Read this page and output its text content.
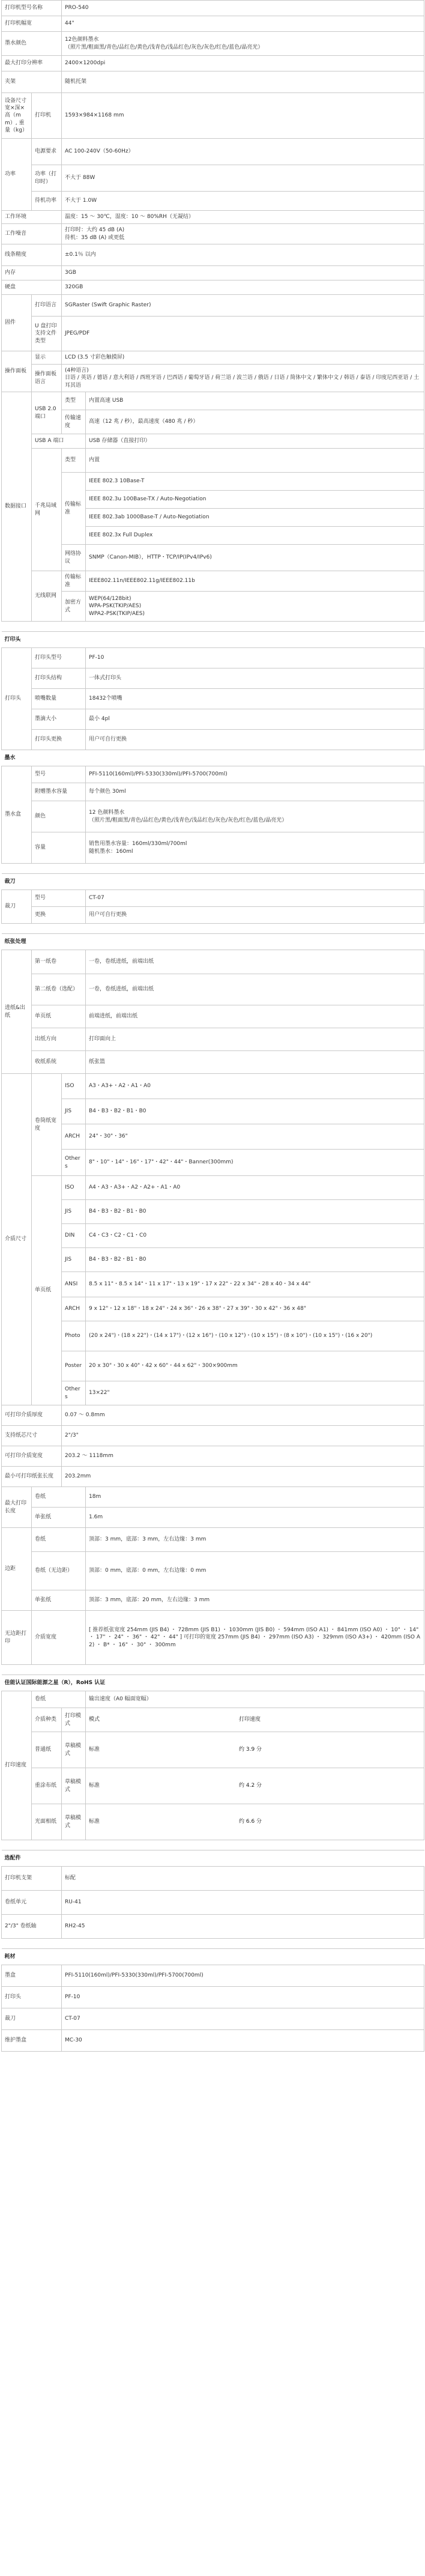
打印机型号名称		PRO-540	
打印机幅宽		44"	
墨水颜色		12色颜料墨水
（照片黑/粗面黑/青色/品红色/黄色/浅青色/浅品红色/灰色/灰色/红色/蓝色/晶亮光）	
最大打印分辨率		2400×1200dpi	
夹架		随机托架	
设备尺寸 宽×深×高（mm）, 重量（kg）	打印机	1593×984×1168 mm	
功率	电源要求	AC 100-240V（50-60Hz）	
	功率（打印时）	不大于 88W	
	待机功率	不大于 1.0W	
工作环境		温度：15 ～ 30℃，湿度：10 ～ 80%RH（无凝结）	
工作噪音		打印时：大约 45 dB (A)
待机：35 dB (A) 或更低	
线条精度		±0.1％ 以内	
内存		3GB	
硬盘		320GB	
固件	打印语言	SGRaster (Swift Graphic Raster)	
	U 盘打印支持文件类型	JPEG/PDF	
操作面板	显示	LCD (3.5 寸彩色触摸屏)	
	操作面板语言	(4种语言)
日语 / 英语 / 德语 / 意大利语 / 西班牙语 / 巴西语 / 葡萄牙语 / 荷兰语 / 波兰语 / 俄语 / 日语 / 简体中文 / 繁体中文 / 韩语 / 泰语 / 印度尼西亚语 / 土耳其语	
数据接口	USB 2.0 端口	类型	内置高速 USB
		传输速度	高速（12 兆 / 秒），最高速度（480 兆 / 秒）
	USB A 端口		USB 存储器（直接打印）
	千兆局域网	类型	内置
		传输标准	IEEE 802.3 10Base-T
			IEEE 802.3u 100Base-TX / Auto-Negotiation
			IEEE 802.3ab 1000Base-T / Auto-Negotiation
			IEEE 802.3x Full Duplex
		网络协议	SNMP（Canon-MIB），HTTP・TCP/IP(IPv4/IPv6)
	无线联网	传输标准	IEEE802.11n/IEEE802.11g/IEEE802.11b
		加密方式	WEP(64/128bit)
WPA-PSK(TKIP/AES)
WPA2-PSK(TKIP/AES)

打印头			
打印头	打印头型号		PF-10
	打印头结构		一体式打印头
	喷嘴数量		18432个喷嘴
	墨滴大小		最小 4pl
	打印头更换		用户可自行更换
墨水			
墨水盒	型号		PFI-5110(160ml)/PFI-5330(330ml)/PFI-5700(700ml)
	附赠墨水容量		每个颜色 30ml
	颜色		12 色颜料墨水
（照片黑/粗面黑/青色/品红色/黄色/浅青色/浅品红色/灰色/灰色/红色/蓝色/晶亮光）
	容量		销售用墨水容量：160ml/330ml/700ml
随机墨水：160ml

裁刀			
裁刀	型号		CT-07
	更换		用户可自行更换

纸张处理			
进纸&出纸	第一纸卷		一卷，卷纸进纸，前端出纸
	第二纸卷（选配）		一卷，卷纸进纸，前端出纸
	单页纸		前端进纸，前端出纸
	出纸方向		打印面向上
	收纸系统		纸张篮
介质尺寸	卷筒纸宽度	ISO	A3・A3+・A2・A1・A0
		JIS	B4・B3・B2・B1・B0
		ARCH	24"・30"・36"
		Others	8"・10"・14"・16"・17"・42"・44"・Banner(300mm)
	单页纸	ISO	A4・A3・A3+・A2・A2+・A1・A0
		JIS	B4・B3・B2・B1・B0
		DIN	C4・C3・C2・C1・C0
		JIS	B4・B3・B2・B1・B0
		ANSI	8.5 x 11"・8.5 x 14"・11 x 17"・13 x 19"・17 x 22"・22 x 34"・28 x 40・34 x 44"
		ARCH	9 x 12"・12 x 18"・18 x 24"・24 x 36"・26 x 38"・27 x 39"・30 x 42"・36 x 48"
		Photo	(20 x 24")・(18 x 22")・(14 x 17")・(12 x 16")・(10 x 12")・(10 x 15")・(8 x 10")・(10 x 15")・(16 x 20")
		Poster	20 x 30"・30 x 40"・42 x 60"・44 x 62"・300×900mm
		Others	13×22"
可打印介质厚度		0.07 ～ 0.8mm	
支持纸芯尺寸		2"/3"	
可打印介质宽度		203.2 ～ 1118mm	
最小可打印纸张长度		203.2mm	
最大打印长度	卷纸		18m
	单张纸		1.6m
边距	卷纸		顶部：3 mm，底部：3 mm，左右边缘：3 mm
	卷纸（无边距）		顶部：0 mm，底部：0 mm，左右边缘：0 mm
	单张纸		顶部：3 mm，底部：20 mm，左右边缘：3 mm
无边距打印	介质宽度		[ 推荐纸张宽度 254mm (JIS B4) ・ 728mm (JIS B1) ・ 1030mm (JIS B0) ・ 594mm (ISO A1) ・ 841mm (ISO A0) ・ 10" ・ 14" ・ 17" ・ 24" ・ 36" ・ 42" ・ 44" ] 可打印的宽度 257mm (JIS B4) ・ 297mm (ISO A3) ・ 329mm (ISO A3+) ・ 420mm (ISO A2) ・ B* ・ 16" ・ 30" ・ 300mm

佳能认证国际能源之星（R），RoHS 认证			
打印速度	卷纸		输出速度（A0 幅面宽幅）
	介质种类	打印模式	模式 打印速度
	普通纸	草稿模式	标准 约 3.9 分
	重涂布纸	草稿模式	标准 约 4.2 分
	光面相纸	草稿模式	标准 约 6.6 分

选配件			
打印机支架		标配	
卷纸单元		RU-41	
2"/3" 卷纸轴		RH2-45	

耗材			
墨盒		PFI-5110(160ml)/PFI-5330(330ml)/PFI-5700(700ml)	
打印头		PF-10	
裁刀		CT-07	
维护墨盒		MC-30	
